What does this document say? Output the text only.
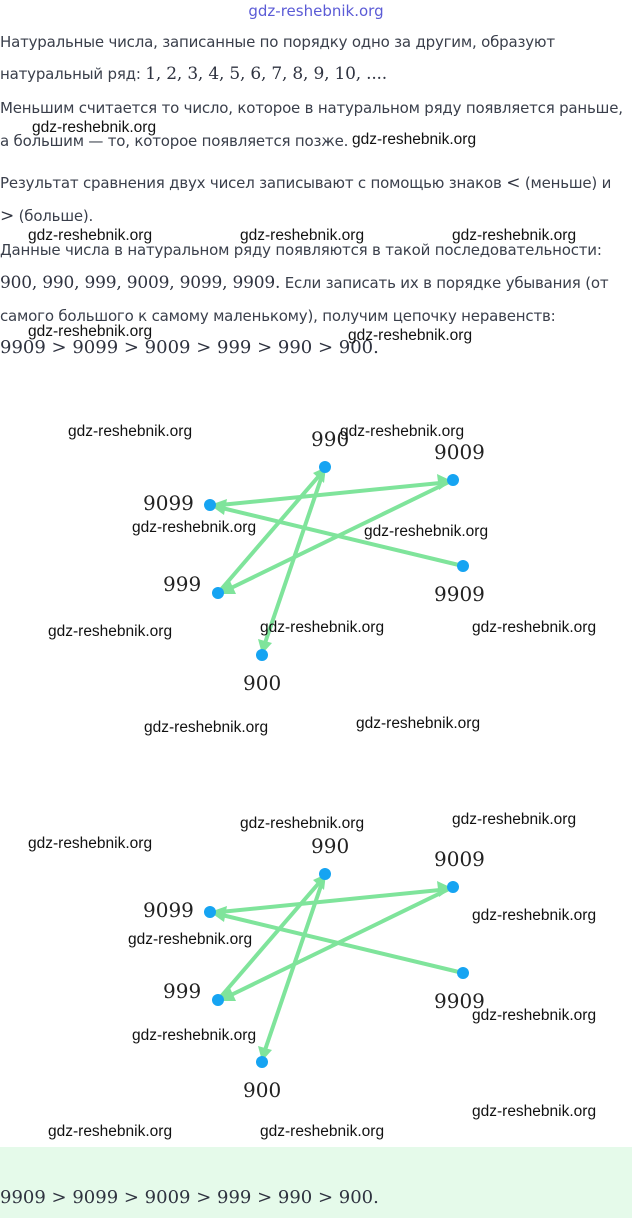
gdz-reshebnik.org

Натуральные числа, записанные по порядку одно за другим, образуют

натуральный ряд: 1, 2, 3, 4, 5, 6, 7, 8, 9, 10, ....

Меньшим считается то число, которое в натуральном ряду появляется раньше, а большим — то, которое появляется позже.

Результат сравнения двух чисел записывают с помощью знаков < (меньше) и
> (больше).

Данные числа в натуральном ряду появляются в такой последовательности:
900, 990, 999, 9009, 9099, 9909. Если записать их в порядке убывания (от самого большого к самому маленькому), получим цепочку неравенств:

9909 > 9099 > 9009 > 999 > 990 > 900.
990
9009
9099
9909
999
900
990
9009
9099
9909
999
900
9909 > 9099 > 9009 > 999 > 990 > 900.
gdz-reshebnik.org
gdz-reshebnik.org
gdz-reshebnik.org	gdz-reshebnik.org	gdz-reshebnik.org
gdz-reshebnik.org	gdz-reshebnik.org
gdz-reshebnik.org	gdz-reshebnik.org
gdz-reshebnik.org	gdz-reshebnik.org
gdz-reshebnik.org	gdz-reshebnik.org	gdz-reshebnik.org
gdz-reshebnik.org	gdz-reshebnik.org
gdz-reshebnik.org
gdz-reshebnik.org	gdz-reshebnik.org
gdz-reshebnik.org
gdz-reshebnik.org
gdz-reshebnik.org
gdz-reshebnik.org
gdz-reshebnik.org
gdz-reshebnik.org	gdz-reshebnik.org
